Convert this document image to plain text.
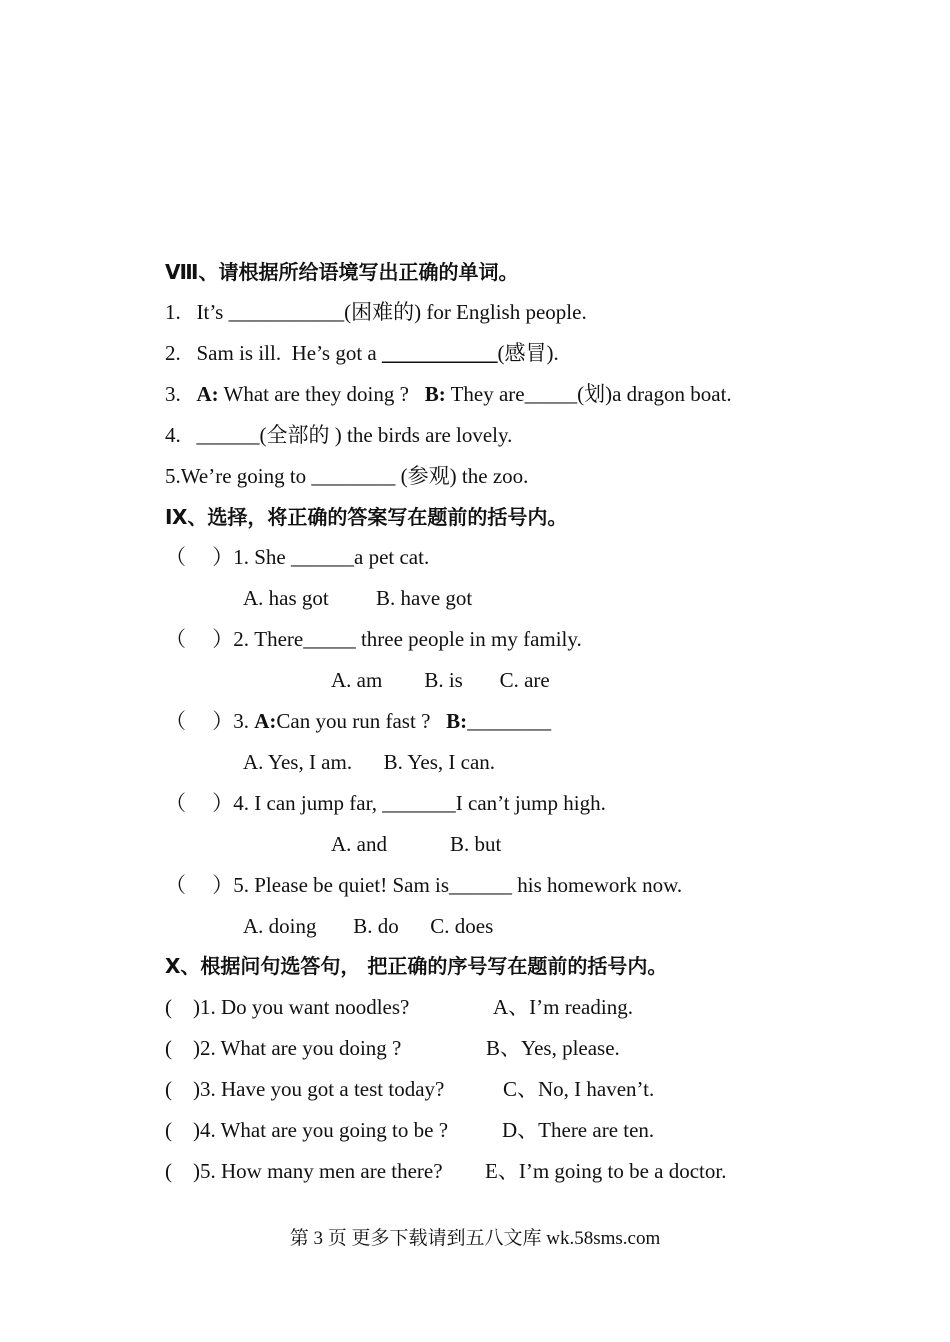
Ⅷ、请根据所给语境写出正确的单词。
1.   It’s ___________(困难的) for English people.
2.   Sam is ill.  He’s got a ___________(感冒).
3.   A: What are they doing ?   B: They are_____(划)a dragon boat.
4.   ______(全部的 ) the birds are lovely.
5.We’re going to ________ (参观) the zoo.
Ⅸ、选择，将正确的答案写在题前的括号内。
（     ）1. She ______a pet cat.
A. has got         B. have got
（     ）2. There_____ three people in my family.
A. am        B. is       C. are
（     ）3. A:Can you run fast ?   B:________
A. Yes, I am.      B. Yes, I can.
（     ）4. I can jump far, _______I can’t jump high.
A. and            B. but
（     ）5. Please be quiet! Sam is______ his homework now.
A. doing       B. do      C. does
Ⅹ、根据问句选答句， 把正确的序号写在题前的括号内。
(    )1. Do you want noodles?	A、I’m reading.
(    )2. What are you doing ?	B、Yes, please.
(    )3. Have you got a test today?	C、No, I haven’t.
(    )4. What are you going to be ?	D、There are ten.
(    )5. How many men are there? E、I’m going to be a doctor.
第 3 页 更多下载请到五八文库 wk.58sms.com
